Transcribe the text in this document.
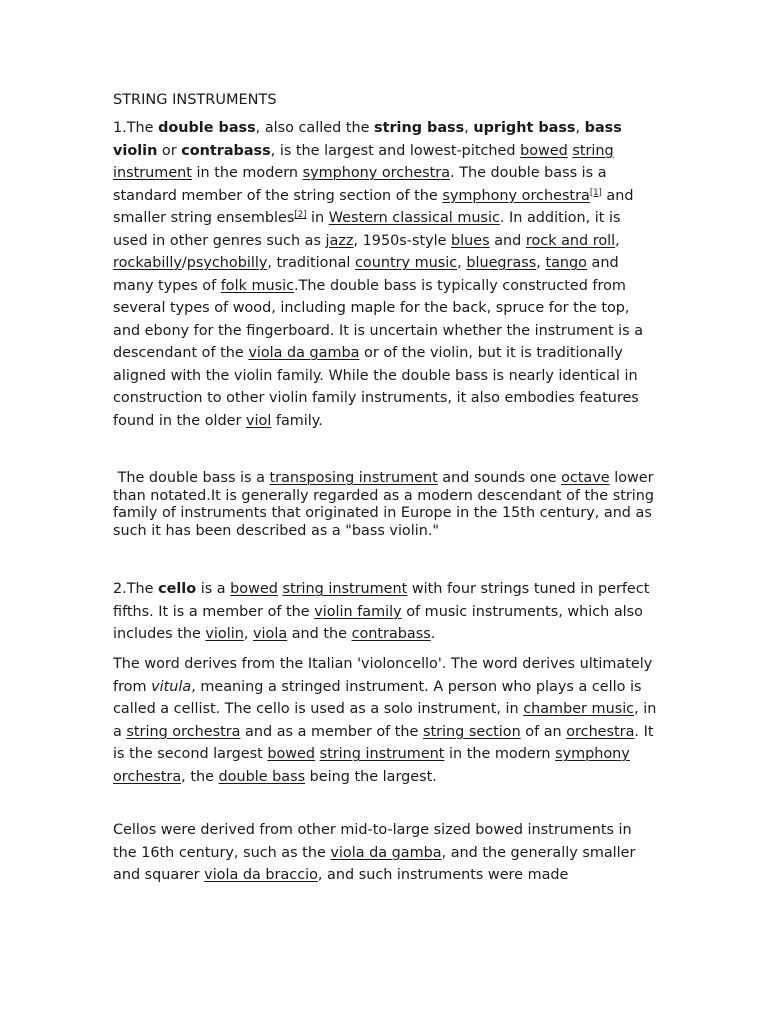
STRING INSTRUMENTS
1.The double bass, also called the string bass, upright bass, bass violin or contrabass, is the largest and lowest-pitched bowed string instrument in the modern symphony orchestra. The double bass is a standard member of the string section of the symphony orchestra[1] and smaller string ensembles[2] in Western classical music. In addition, it is used in other genres such as jazz, 1950s-style blues and rock and roll, rockabilly/psychobilly, traditional country music, bluegrass, tango and many types of folk music.The double bass is typically constructed from several types of wood, including maple for the back, spruce for the top, and ebony for the fingerboard. It is uncertain whether the instrument is a descendant of the viola da gamba or of the violin, but it is traditionally aligned with the violin family. While the double bass is nearly identical in construction to other violin family instruments, it also embodies features found in the older viol family.
The double bass is a transposing instrument and sounds one octave lower than notated.It is generally regarded as a modern descendant of the string family of instruments that originated in Europe in the 15th century, and as such it has been described as a "bass violin."
2.The cello is a bowed string instrument with four strings tuned in perfect fifths. It is a member of the violin family of music instruments, which also includes the violin, viola and the contrabass.
The word derives from the Italian 'violoncello'. The word derives ultimately from vitula, meaning a stringed instrument. A person who plays a cello is called a cellist. The cello is used as a solo instrument, in chamber music, in a string orchestra and as a member of the string section of an orchestra. It is the second largest bowed string instrument in the modern symphony orchestra, the double bass being the largest.
Cellos were derived from other mid-to-large sized bowed instruments in the 16th century, such as the viola da gamba, and the generally smaller and squarer viola da braccio, and such instruments were made
